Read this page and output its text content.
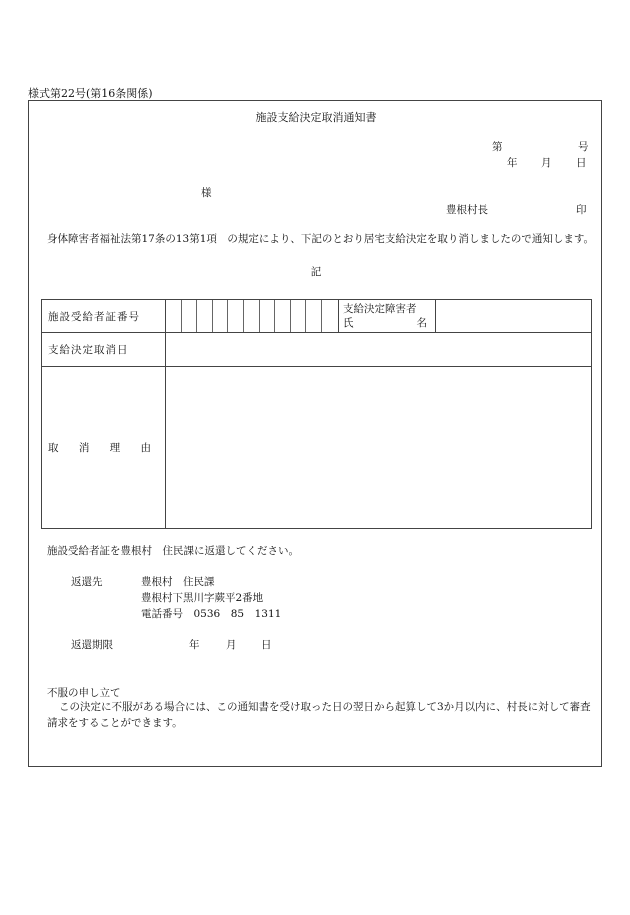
様式第22号(第16条関係)
施設支給決定取消通知書
第	号
年 月 日
様
豊根村長	印
身体障害者福祉法第17条の13第1項　の規定により、下記のとおり居宅支給決定を取り消しましたので通知します。
記
施設受給者証番号		支給決定障害者
氏 名	

支給決定取消日			

取 消 理 由			

施設受給者証を豊根村　住民課に返還してください。
返還先	豊根村　住民課
豊根村下黒川字蕨平2番地
電話番号　0536　85　1311
返還期限	年	月 日
不服の申し立て
この決定に不服がある場合には、この通知書を受け取った日の翌日から起算して3か月以内に、村長に対して審査請求をすることができます。
